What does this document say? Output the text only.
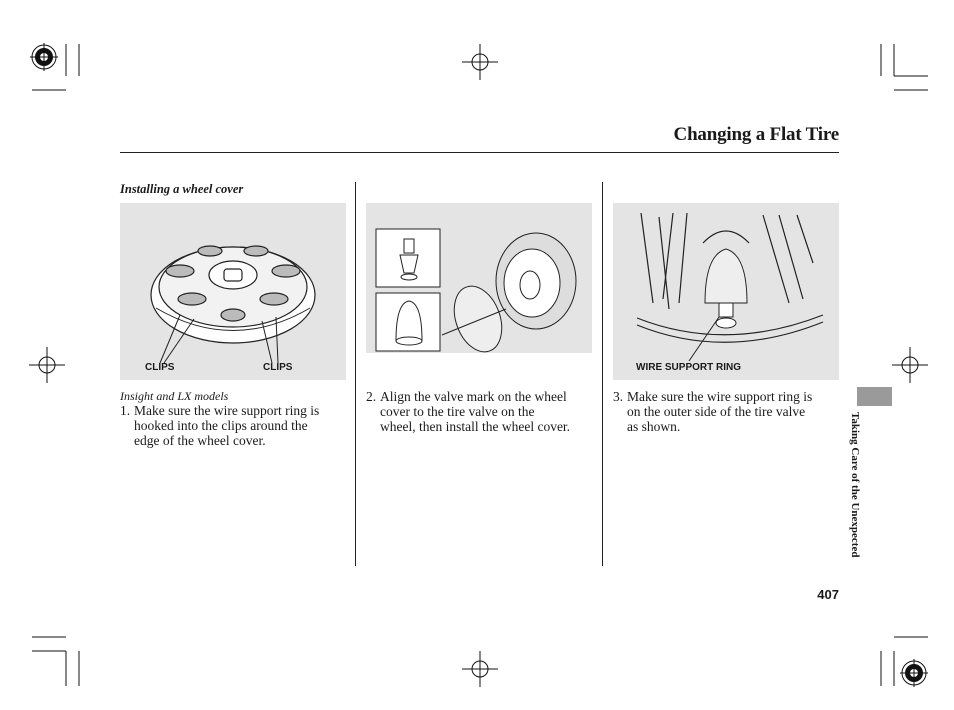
Changing a Flat Tire
Installing a wheel cover
CLIPS	CLIPS	WIRE SUPPORT RING
Insight and LX models
1. Make sure the wire support ring is
hooked into the clips around the
edge of the wheel cover.
2. Align the valve mark on the wheel
cover to the tire valve on the
wheel, then install the wheel cover.
3. Make sure the wire support ring is
on the outer side of the tire valve
as shown.	Taking Care of the Unexpected
407
